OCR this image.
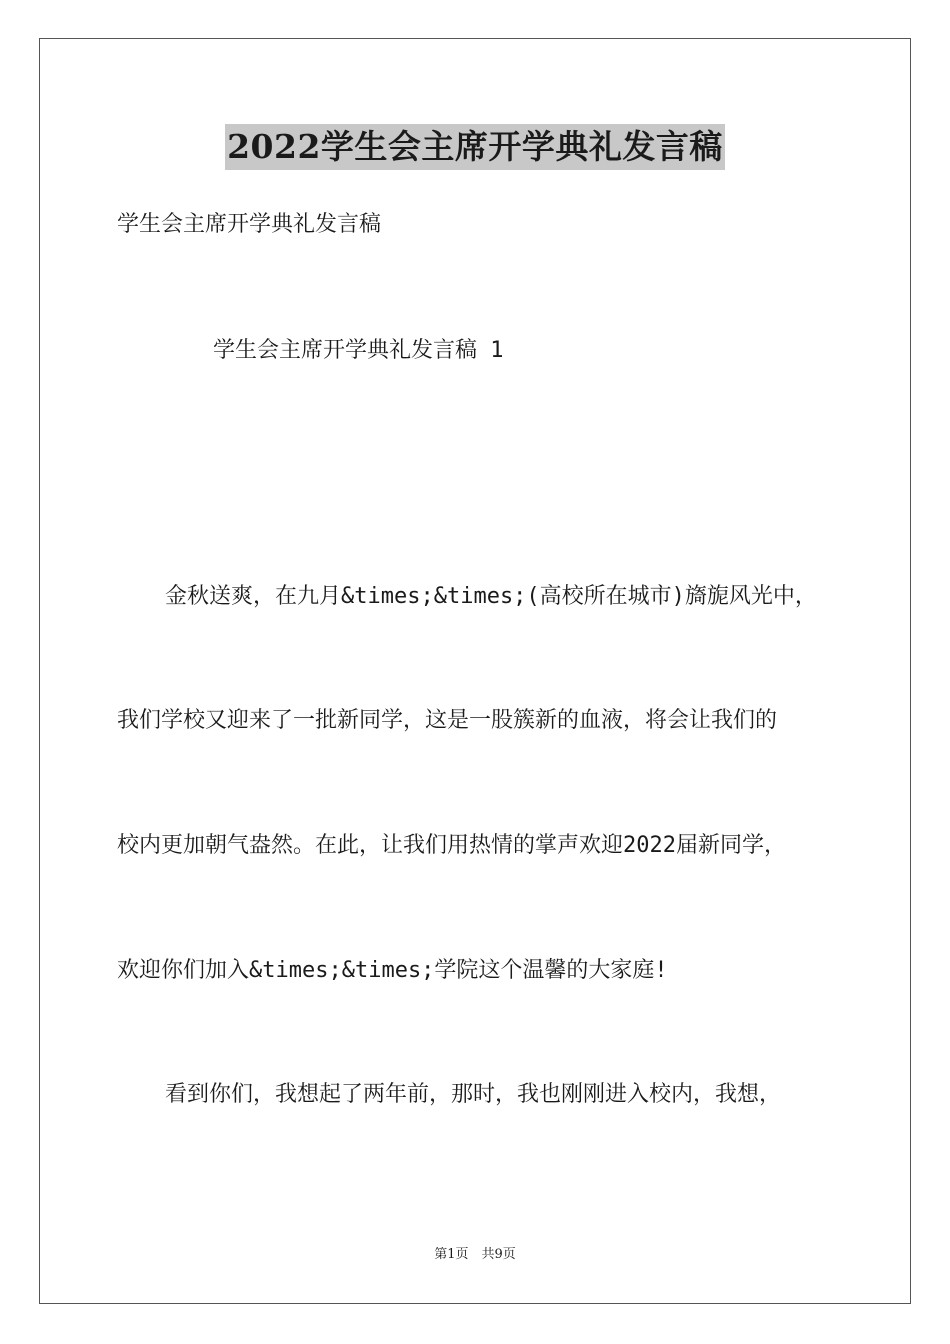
2022学生会主席开学典礼发言稿

学生会主席开学典礼发言稿

学生会主席开学典礼发言稿 1

金秋送爽，在九月&times;&times;(高校所在城市)旖旎风光中，

我们学校又迎来了一批新同学，这是一股簇新的血液，将会让我们的

校内更加朝气盎然。在此，让我们用热情的掌声欢迎2022届新同学，

欢迎你们加入&times;&times;学院这个温馨的大家庭!

看到你们，我想起了两年前，那时，我也刚刚进入校内，我想，

第1页　共9页
